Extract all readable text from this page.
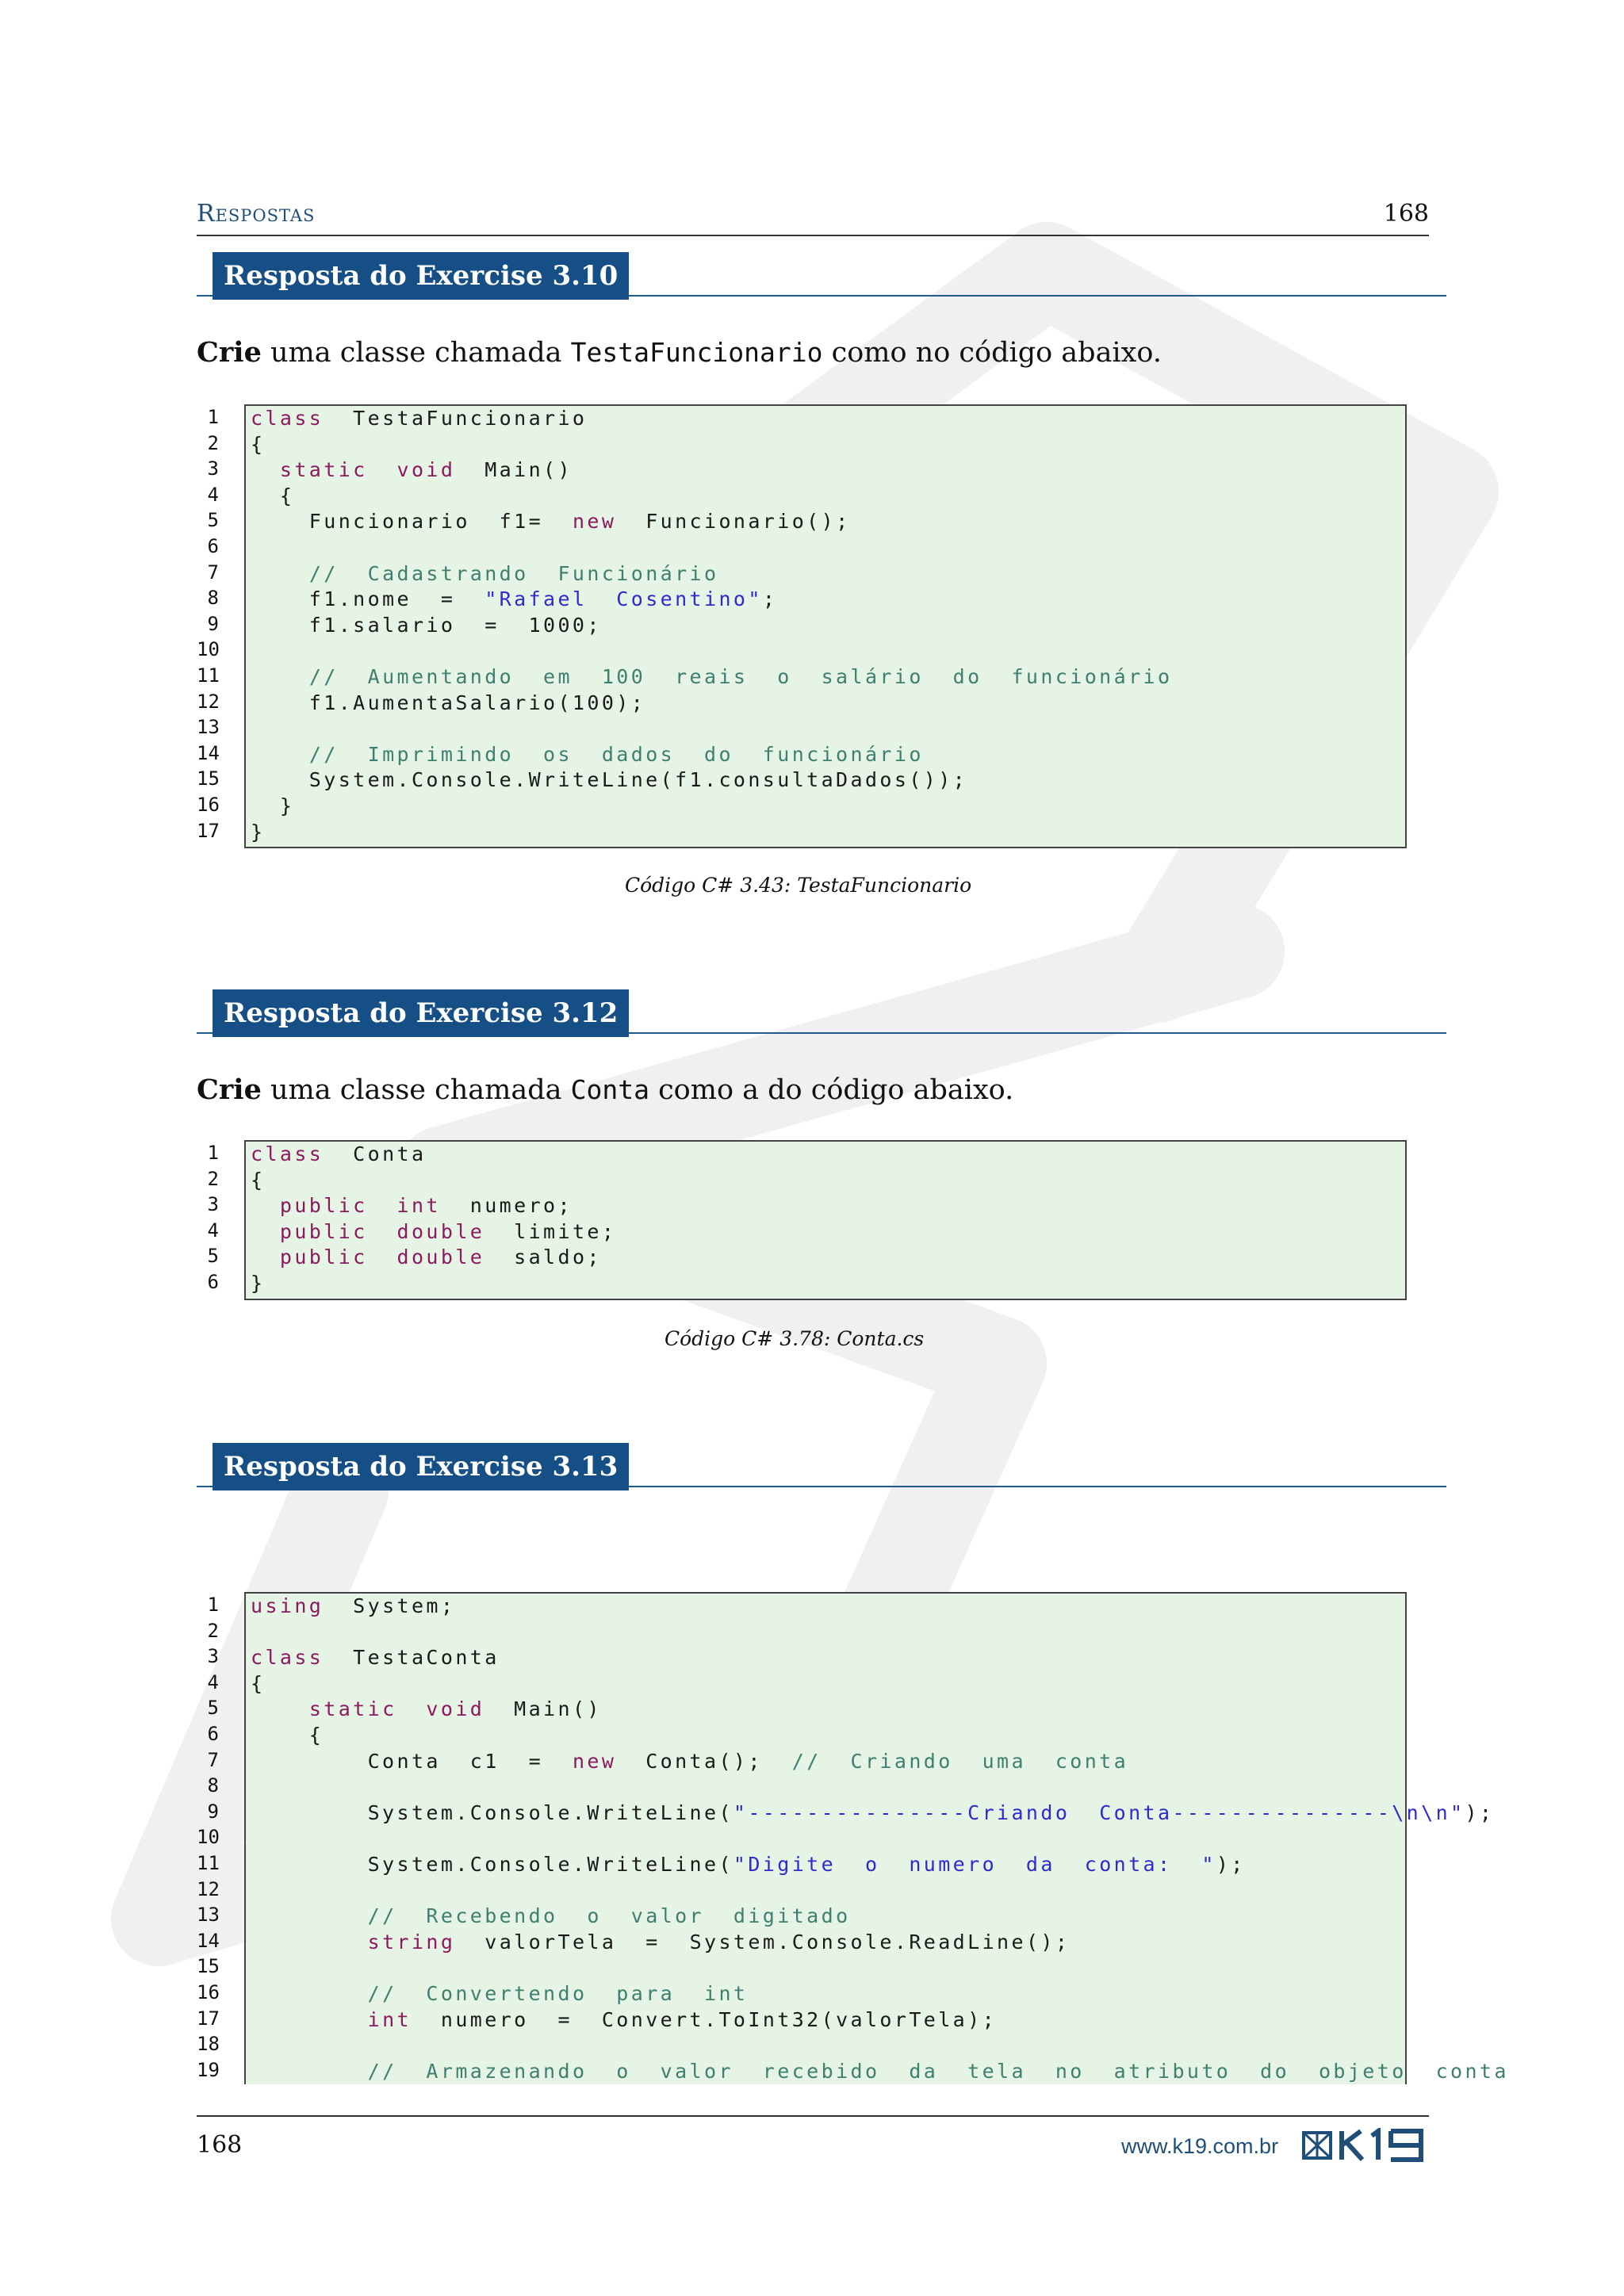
Respostas	168
Resposta do Exercise 3.10
Crie uma classe chamada TestaFuncionario como no código abaixo.
1
2
3
4
5
6
7
8
9
10
11
12
13
14
15
16
17
class  TestaFuncionario
{
static  void  Main()
{
Funcionario  f1=  new  Funcionario();
//  Cadastrando  Funcionário
f1.nome  =  "Rafael  Cosentino";
f1.salario  =  1000;
//  Aumentando  em  100  reais  o  salário  do  funcionário
f1.AumentaSalario(100);
//  Imprimindo  os  dados  do  funcionário
System.Console.WriteLine(f1.consultaDados());
}
}
Código C# 3.43: TestaFuncionario
Resposta do Exercise 3.12
Crie uma classe chamada Conta como a do código abaixo.
1
2
3
4
5
6
class  Conta
{
public  int  numero;
public  double  limite;
public  double  saldo;
}
Código C# 3.78: Conta.cs
Resposta do Exercise 3.13
1
2
3
4
5
6
7
8
9
10
11
12
13
14
15
16
17
18
19
using  System;
class  TestaConta
{
static  void  Main()
{
Conta  c1  =  new  Conta();  //  Criando  uma  conta
System.Console.WriteLine("---------------Criando  Conta---------------\n\n");
System.Console.WriteLine("Digite  o  numero  da  conta:  ");
//  Recebendo  o  valor  digitado
string  valorTela  =  System.Console.ReadLine();
//  Convertendo  para  int
int  numero  =  Convert.ToInt32(valorTela);
//  Armazenando  o  valor  recebido  da  tela  no  atributo  do  objeto  conta
168	www.k19.com.br
